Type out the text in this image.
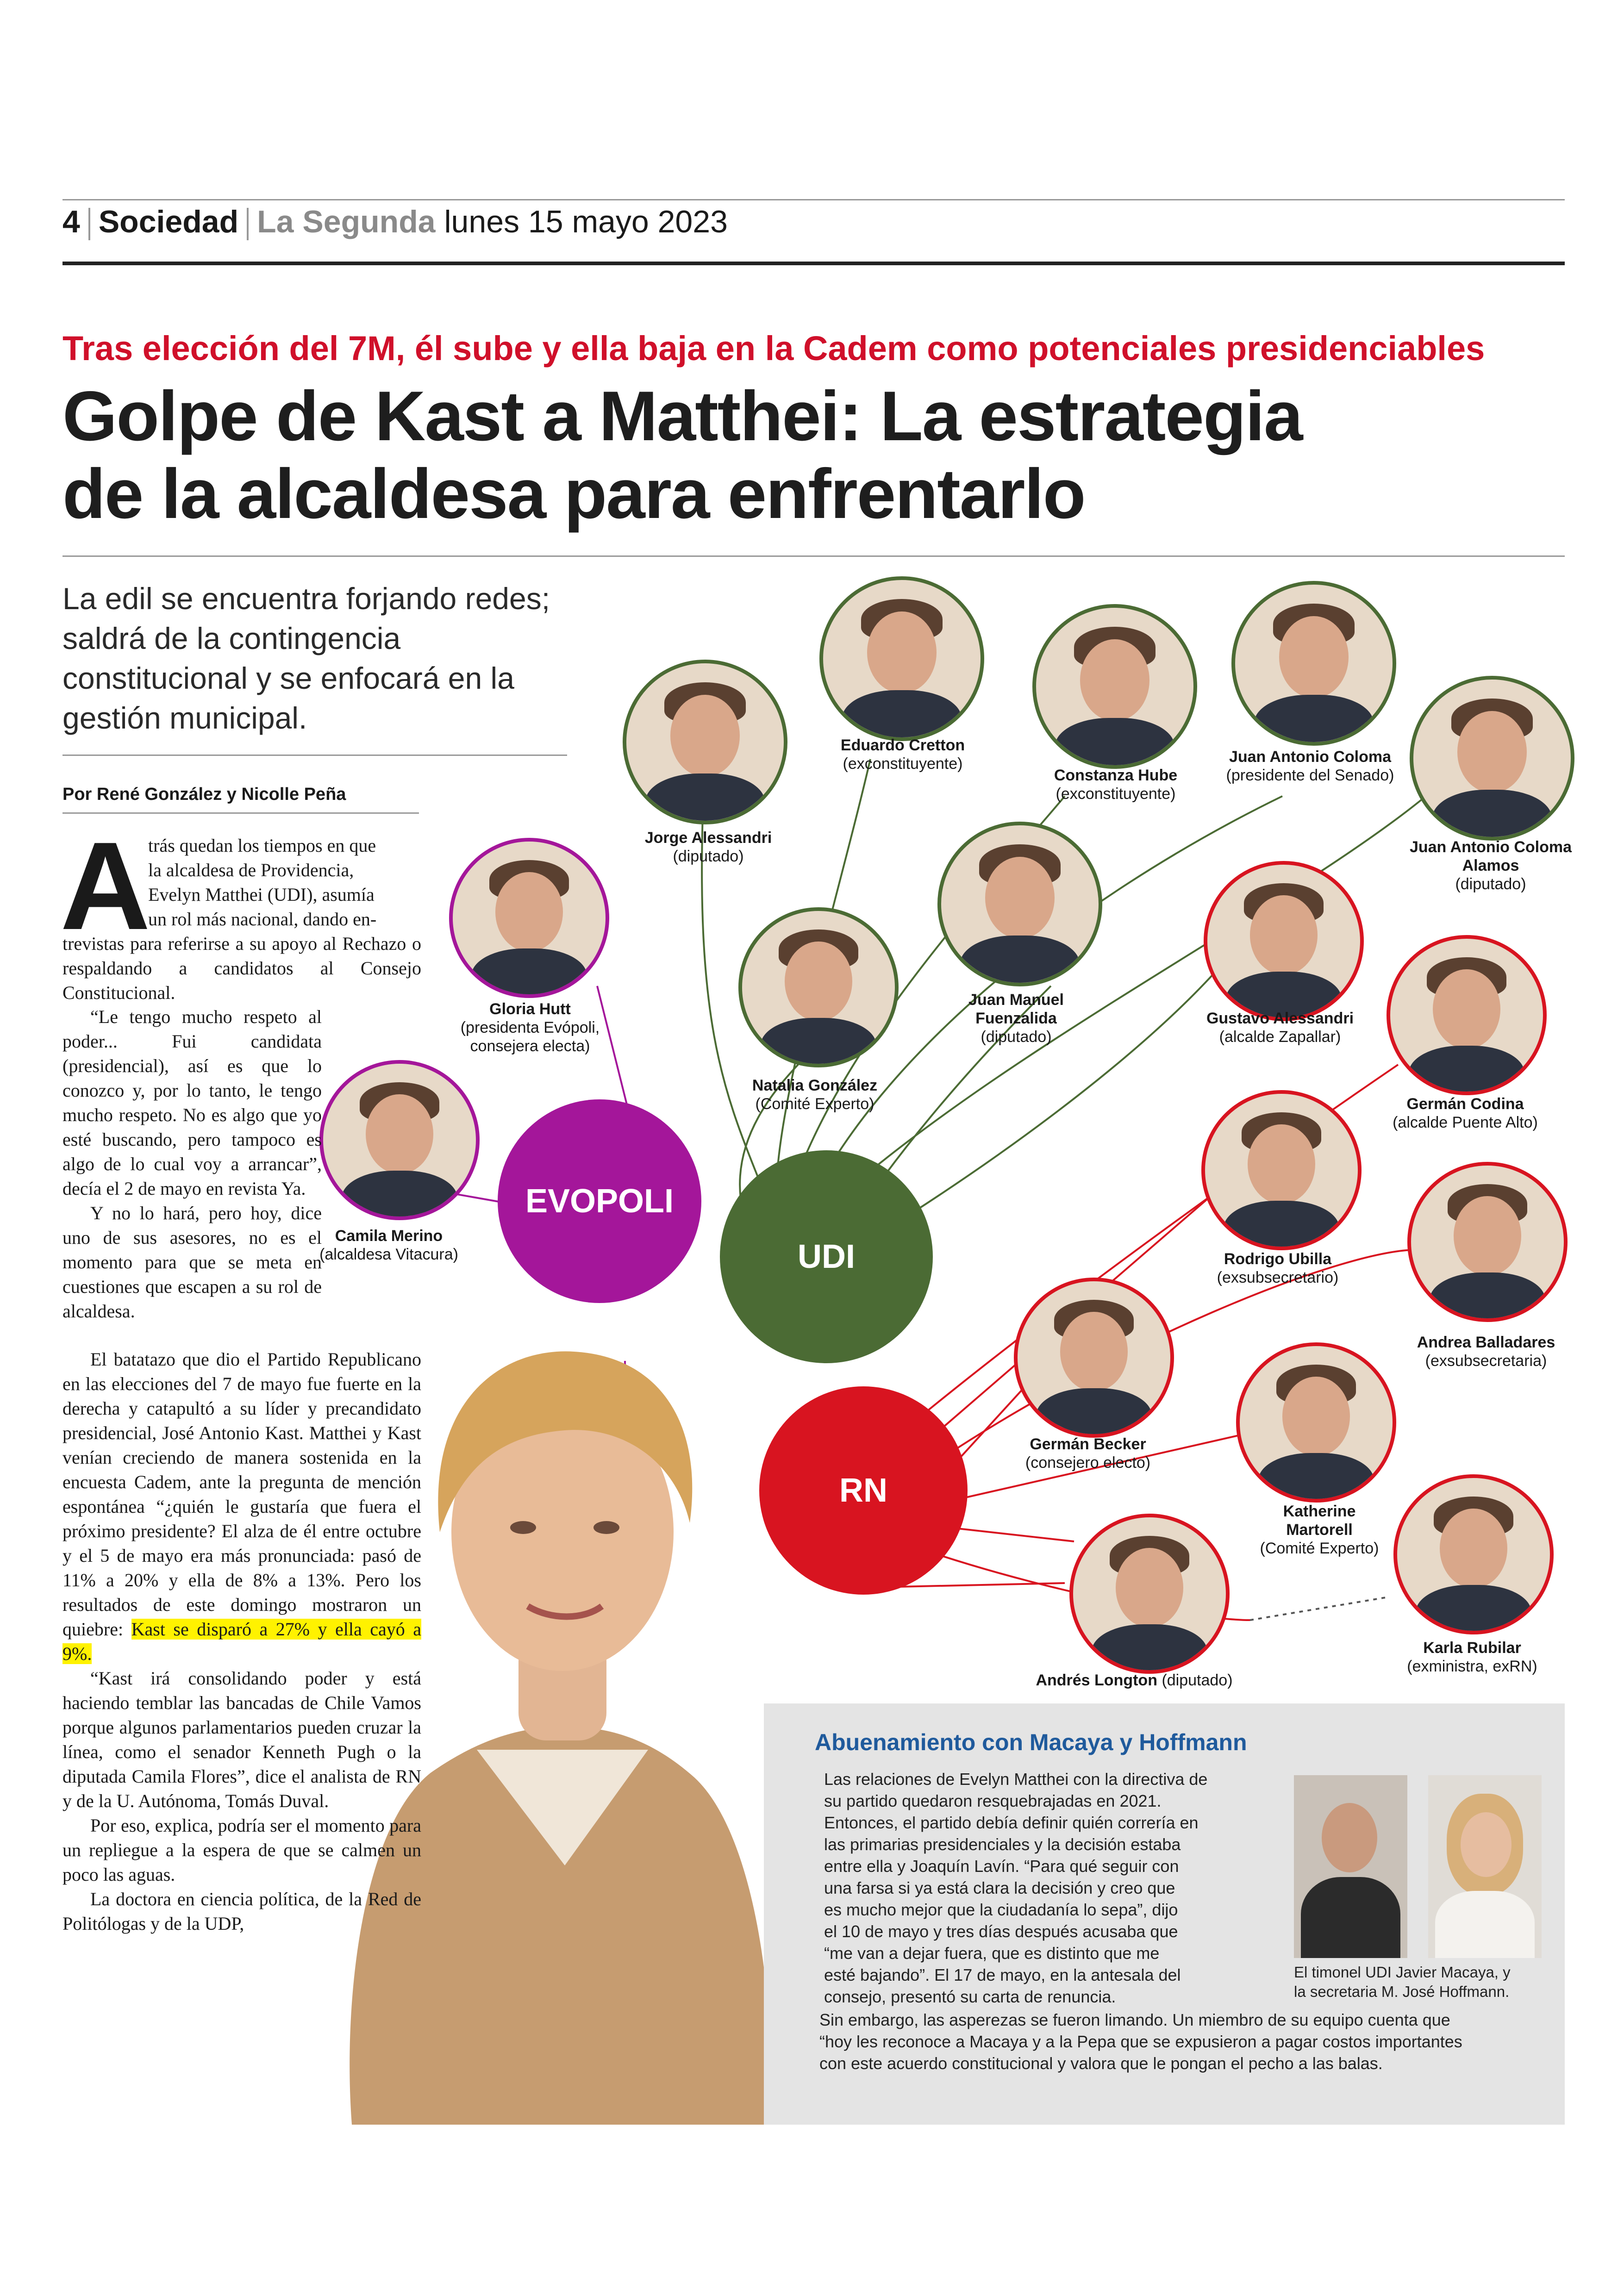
4 Sociedad La Segunda lunes 15 mayo 2023
Tras elección del 7M, él sube y ella baja en la Cadem como potenciales presidenciables
Golpe de Kast a Matthei: La estrategia
de la alcaldesa para enfrentarlo
La edil se encuentra forjando redes; saldrá de la contingencia constitucional y se enfocará en la gestión municipal.
Por René González y Nicolle Peña
EVOPOLI
UDI
RN
Jorge Alessandri
(diputado)
Eduardo Cretton
(exconstituyente)
Constanza Hube
(exconstituyente)
Juan Antonio Coloma
(presidente del Senado)
Juan Antonio Coloma Alamos
(diputado)
Gloria Hutt
(presidenta Evópoli, consejera electa)
Natalia González
(Comité Experto)
Juan Manuel Fuenzalida
(diputado)
Gustavo Alessandri
(alcalde Zapallar)
Germán Codina
(alcalde Puente Alto)
Camila Merino
(alcaldesa Vitacura)	Rodrigo Ubilla
(exsubsecretario)
Andrea Balladares
(exsubsecretaria)
Germán Becker
(consejero electo)
Katherine Martorell
(Comité Experto)
Karla Rubilar
(exministra, exRN)
Andrés Longton (diputado)
A
trás quedan los tiempos en que
la alcaldesa de Providencia,
Evelyn Matthei (UDI), asumía
un rol más nacional, dando en-

trevistas para referirse a su apoyo al Rechazo o respaldando a candidatos al Consejo Constitucional.

“Le tengo mucho respeto al poder... Fui candidata (presidencial), así es que lo conozco y, por lo tanto, le tengo mucho respeto. No es algo que yo esté buscando, pero tampoco es algo de lo cual voy a arrancar”, decía el 2 de mayo en revista Ya.

Y no lo hará, pero hoy, dice uno de sus asesores, no es el momento para que se meta en cuestiones que escapen a su rol de alcaldesa.

El batatazo que dio el Partido Republicano en las elecciones del 7 de mayo fue fuerte en la derecha y catapultó a su líder y precandidato presidencial, José Antonio Kast. Matthei y Kast venían creciendo de manera sostenida en la encuesta Cadem, ante la pregunta de mención espontánea “¿quién le gustaría que fuera el próximo presidente? El alza de él entre octubre y el 5 de mayo era más pronunciada: pasó de 11% a 20% y ella de 8% a 13%. Pero los resultados de este domingo mostraron un quiebre: Kast se disparó a 27% y ella cayó a 9%.

“Kast irá consolidando poder y está haciendo temblar las bancadas de Chile Vamos porque algunos parlamentarios pueden cruzar la línea, como el senador Kenneth Pugh o la diputada Camila Flores”, dice el analista de RN y de la U. Autónoma, Tomás Duval.

Por eso, explica, podría ser el momento para un repliegue a la espera de que se calmen un poco las aguas.

La doctora en ciencia política, de la Red de Politólogas y de la UDP,

Abuenamiento con Macaya y Hoffmann
Las relaciones de Evelyn Matthei con la directiva de
su partido quedaron resquebrajadas en 2021.
Entonces, el partido debía definir quién correría en
las primarias presidenciales y la decisión estaba
entre ella y Joaquín Lavín. “Para qué seguir con
una farsa si ya está clara la decisión y creo que
es mucho mejor que la ciudadanía lo sepa”, dijo
el 10 de mayo y tres días después acusaba que
“me van a dejar fuera, que es distinto que me
esté bajando”. El 17 de mayo, en la antesala del
consejo, presentó su carta de renuncia.
Sin embargo, las asperezas se fueron limando. Un miembro de su equipo cuenta que
“hoy les reconoce a Macaya y a la Pepa que se expusieron a pagar costos importantes
con este acuerdo constitucional y valora que le pongan el pecho a las balas.
El timonel UDI Javier Macaya, y
la secretaria M. José Hoffmann.
